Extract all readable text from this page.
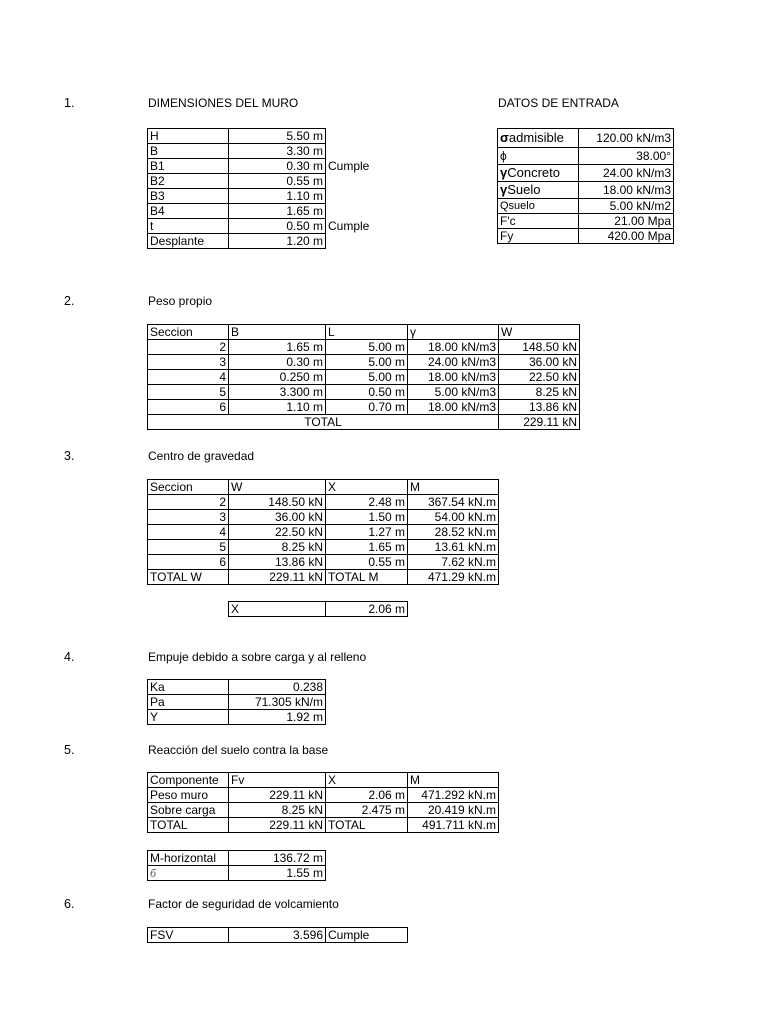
1.	DIMENSIONES DEL MURO
H	5.50 m	
B	3.30 m	
B1	0.30 m	Cumple
B2	0.55 m	
B3	1.10 m	
B4	1.65 m	
t	0.50 m	Cumple
Desplante	1.20 m	
DATOS DE ENTRADA
σadmisible	120.00 kN/m3
ϕ	38.00°
γConcreto	24.00 kN/m3
γSuelo	18.00 kN/m3
Qsuelo	5.00 kN/m2
F'c	21.00 Mpa
Fy	420.00 Mpa
2.	Peso propio
Seccion	B	L	γ	W
2	1.65 m	5.00 m	18.00 kN/m3	148.50 kN
3	0.30 m	5.00 m	24.00 kN/m3	36.00 kN
4	0.250 m	5.00 m	18.00 kN/m3	22.50 kN
5	3.300 m	0.50 m	5.00 kN/m3	8.25 kN
6	1.10 m	0.70 m	18.00 kN/m3	13.86 kN
TOTAL				229.11 kN
3.	Centro de gravedad
Seccion	W	X	M
2	148.50 kN	2.48 m	367.54 kN.m
3	36.00 kN	1.50 m	54.00 kN.m
4	22.50 kN	1.27 m	28.52 kN.m
5	8.25 kN	1.65 m	13.61 kN.m
6	13.86 kN	0.55 m	7.62 kN.m
TOTAL W	229.11 kN	TOTAL M	471.29 kN.m
X	2.06 m
4.	Empuje debido a sobre carga y al relleno
Ka	0.238
Pa	71.305 kN/m
Y	1.92 m
5.	Reacción del suelo contra la base
Componente	Fv	X	M
Peso muro	229.11 kN	2.06 m	471.292 kN.m
Sobre carga	8.25 kN	2.475 m	20.419 kN.m
TOTAL	229.11 kN	TOTAL	491.711 kN.m
M-horizontal	136.72 m
б	1.55 m
6.	Factor de seguridad de volcamiento
FSV	3.596	Cumple
